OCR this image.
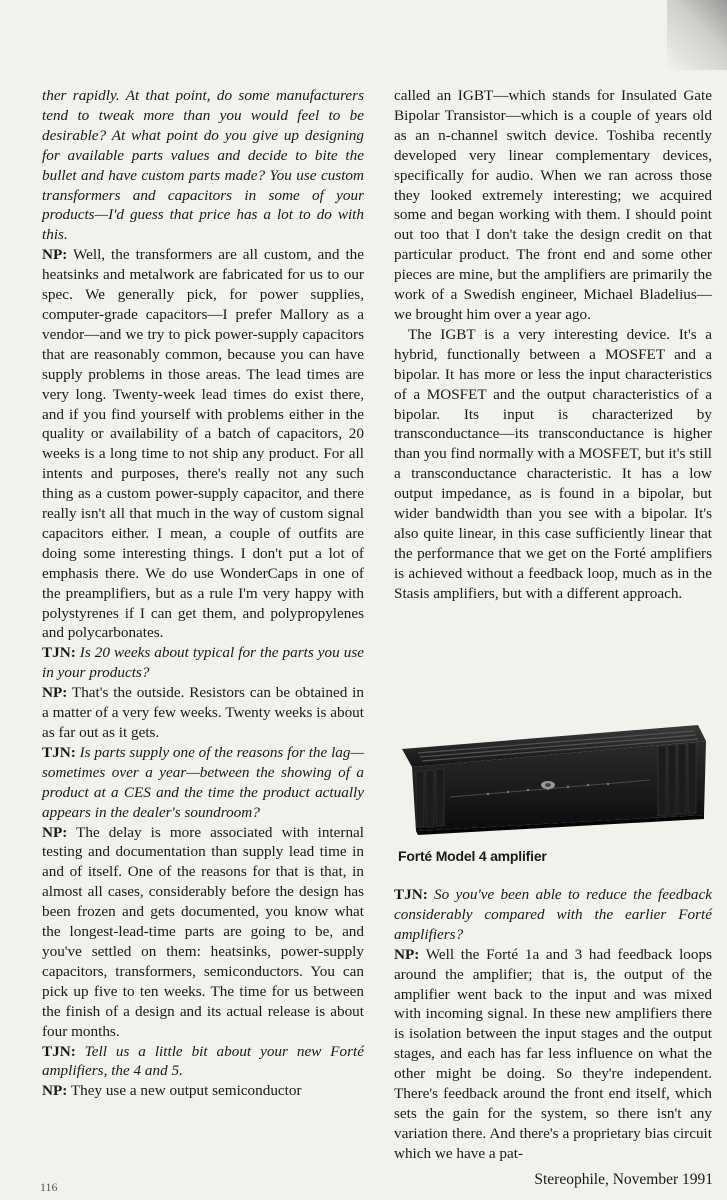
ther rapidly. At that point, do some manufacturers tend to tweak more than you would feel to be desirable? At what point do you give up designing for available parts values and decide to bite the bullet and have custom parts made? You use custom transformers and capacitors in some of your products—I'd guess that price has a lot to do with this.

NP: Well, the transformers are all custom, and the heatsinks and metalwork are fabricated for us to our spec. We generally pick, for power supplies, computer-grade capacitors—I prefer Mallory as a vendor—and we try to pick power-supply capacitors that are reasonably common, because you can have supply problems in those areas. The lead times are very long. Twenty-week lead times do exist there, and if you find yourself with problems either in the quality or availability of a batch of capacitors, 20 weeks is a long time to not ship any product. For all intents and purposes, there's really not any such thing as a custom power-supply capacitor, and there really isn't all that much in the way of custom signal capacitors either. I mean, a couple of outfits are doing some interesting things. I don't put a lot of emphasis there. We do use WonderCaps in one of the preamplifiers, but as a rule I'm very happy with polystyrenes if I can get them, and polypropylenes and polycarbonates.

TJN: Is 20 weeks about typical for the parts you use in your products?

NP: That's the outside. Resistors can be obtained in a matter of a very few weeks. Twenty weeks is about as far out as it gets.

TJN: Is parts supply one of the reasons for the lag—sometimes over a year—between the showing of a product at a CES and the time the product actually appears in the dealer's soundroom?

NP: The delay is more associated with internal testing and documentation than supply lead time in and of itself. One of the reasons for that is that, in almost all cases, considerably before the design has been frozen and gets documented, you know what the longest-lead-time parts are going to be, and you've settled on them: heatsinks, power-supply capacitors, transformers, semiconductors. You can pick up five to ten weeks. The time for us between the finish of a design and its actual release is about four months.

TJN: Tell us a little bit about your new Forté amplifiers, the 4 and 5.

NP: They use a new output semiconductor

called an IGBT—which stands for Insulated Gate Bipolar Transistor—which is a couple of years old as an n-channel switch device. Toshiba recently developed very linear complementary devices, specifically for audio. When we ran across those they looked extremely interesting; we acquired some and began working with them. I should point out too that I don't take the design credit on that particular product. The front end and some other pieces are mine, but the amplifiers are primarily the work of a Swedish engineer, Michael Bladelius—we brought him over a year ago.

The IGBT is a very interesting device. It's a hybrid, functionally between a MOSFET and a bipolar. It has more or less the input characteristics of a MOSFET and the output characteristics of a bipolar. Its input is characterized by transconductance—its transconductance is higher than you find normally with a MOSFET, but it's still a transconductance characteristic. It has a low output impedance, as is found in a bipolar, but wider bandwidth than you see with a bipolar. It's also quite linear, in this case sufficiently linear that the performance that we get on the Forté amplifiers is achieved without a feedback loop, much as in the Stasis amplifiers, but with a different approach.

Forté Model 4 amplifier

TJN: So you've been able to reduce the feedback considerably compared with the earlier Forté amplifiers?

NP: Well the Forté 1a and 3 had feedback loops around the amplifier; that is, the output of the amplifier went back to the input and was mixed with incoming signal. In these new amplifiers there is isolation between the input stages and the output stages, and each has far less influence on what the other might be doing. So they're independent. There's feedback around the front end itself, which sets the gain for the system, so there isn't any variation there. And there's a proprietary bias circuit which we have a pat-

116	Stereophile, November 1991
